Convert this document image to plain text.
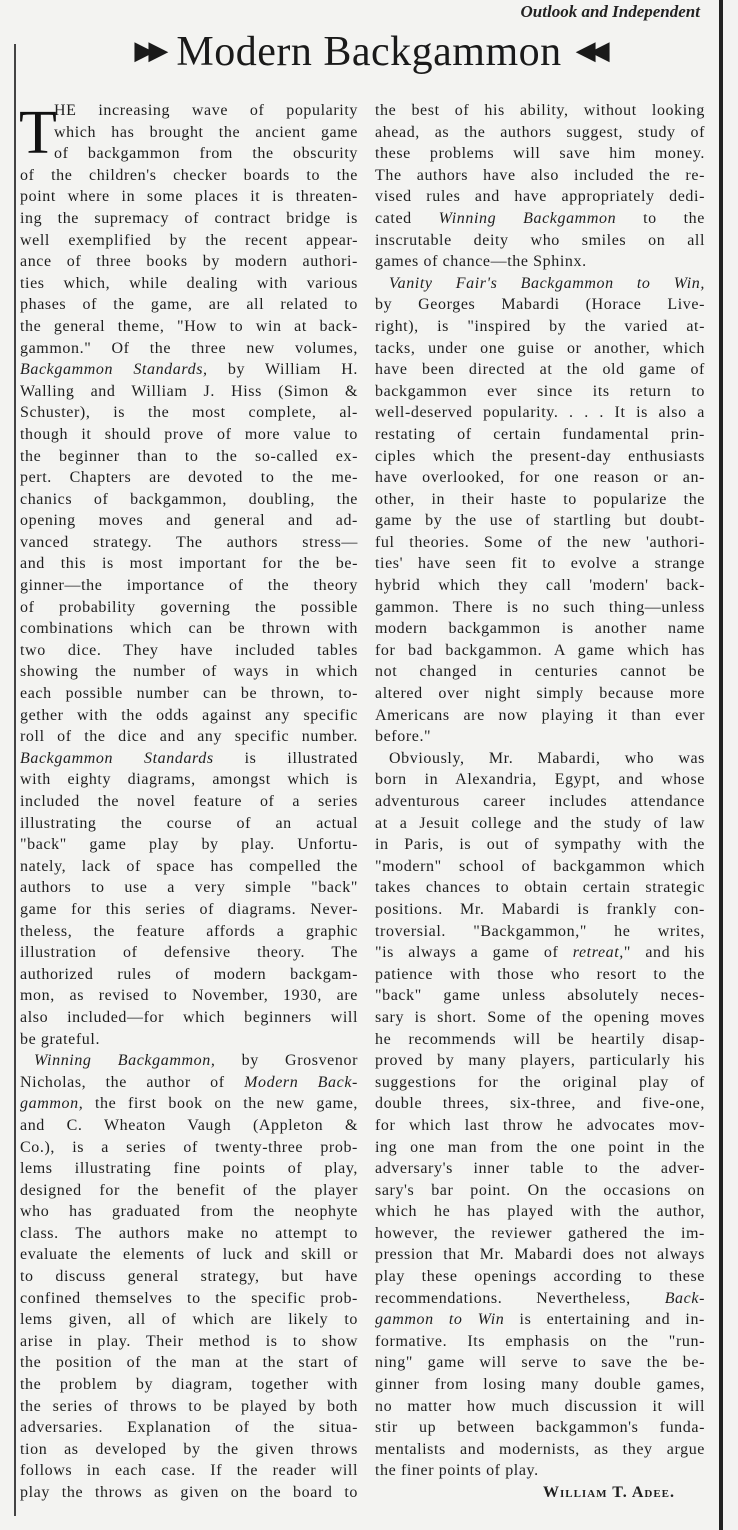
Outlook and Independent
▶▶ Modern Backgammon ◀◀
T
HE increasing wave of popularity
which has brought the ancient game
of backgammon from the obscurity
of the children's checker boards to the
point where in some places it is threaten-
ing the supremacy of contract bridge is
well exemplified by the recent appear-
ance of three books by modern authori-
ties which, while dealing with various
phases of the game, are all related to
the general theme, "How to win at back-
gammon." Of the three new volumes,
Backgammon Standards, by William H.
Walling and William J. Hiss (Simon &
Schuster), is the most complete, al-
though it should prove of more value to
the beginner than to the so-called ex-
pert. Chapters are devoted to the me-
chanics of backgammon, doubling, the
opening moves and general and ad-
vanced strategy. The authors stress—
and this is most important for the be-
ginner—the importance of the theory
of probability governing the possible
combinations which can be thrown with
two dice. They have included tables
showing the number of ways in which
each possible number can be thrown, to-
gether with the odds against any specific
roll of the dice and any specific number.
Backgammon Standards is illustrated
with eighty diagrams, amongst which is
included the novel feature of a series
illustrating the course of an actual
"back" game play by play. Unfortu-
nately, lack of space has compelled the
authors to use a very simple "back"
game for this series of diagrams. Never-
theless, the feature affords a graphic
illustration of defensive theory. The
authorized rules of modern backgam-
mon, as revised to November, 1930, are
also included—for which beginners will
be grateful.
Winning Backgammon, by Grosvenor
Nicholas, the author of Modern Back-
gammon, the first book on the new game,
and C. Wheaton Vaugh (Appleton &
Co.), is a series of twenty-three prob-
lems illustrating fine points of play,
designed for the benefit of the player
who has graduated from the neophyte
class. The authors make no attempt to
evaluate the elements of luck and skill or
to discuss general strategy, but have
confined themselves to the specific prob-
lems given, all of which are likely to
arise in play. Their method is to show
the position of the man at the start of
the problem by diagram, together with
the series of throws to be played by both
adversaries. Explanation of the situa-
tion as developed by the given throws
follows in each case. If the reader will
play the throws as given on the board to
the best of his ability, without looking
ahead, as the authors suggest, study of
these problems will save him money.
The authors have also included the re-
vised rules and have appropriately dedi-
cated Winning Backgammon to the
inscrutable deity who smiles on all
games of chance—the Sphinx.
Vanity Fair's Backgammon to Win,
by Georges Mabardi (Horace Live-
right), is "inspired by the varied at-
tacks, under one guise or another, which
have been directed at the old game of
backgammon ever since its return to
well-deserved popularity. . . . It is also a
restating of certain fundamental prin-
ciples which the present-day enthusiasts
have overlooked, for one reason or an-
other, in their haste to popularize the
game by the use of startling but doubt-
ful theories. Some of the new 'authori-
ties' have seen fit to evolve a strange
hybrid which they call 'modern' back-
gammon. There is no such thing—unless
modern backgammon is another name
for bad backgammon. A game which has
not changed in centuries cannot be
altered over night simply because more
Americans are now playing it than ever
before."
Obviously, Mr. Mabardi, who was
born in Alexandria, Egypt, and whose
adventurous career includes attendance
at a Jesuit college and the study of law
in Paris, is out of sympathy with the
"modern" school of backgammon which
takes chances to obtain certain strategic
positions. Mr. Mabardi is frankly con-
troversial. "Backgammon," he writes,
"is always a game of retreat," and his
patience with those who resort to the
"back" game unless absolutely neces-
sary is short. Some of the opening moves
he recommends will be heartily disap-
proved by many players, particularly his
suggestions for the original play of
double threes, six-three, and five-one,
for which last throw he advocates mov-
ing one man from the one point in the
adversary's inner table to the adver-
sary's bar point. On the occasions on
which he has played with the author,
however, the reviewer gathered the im-
pression that Mr. Mabardi does not always
play these openings according to these
recommendations. Nevertheless, Back-
gammon to Win is entertaining and in-
formative. Its emphasis on the "run-
ning" game will serve to save the be-
ginner from losing many double games,
no matter how much discussion it will
stir up between backgammon's funda-
mentalists and modernists, as they argue
the finer points of play.
William T. Adee.
